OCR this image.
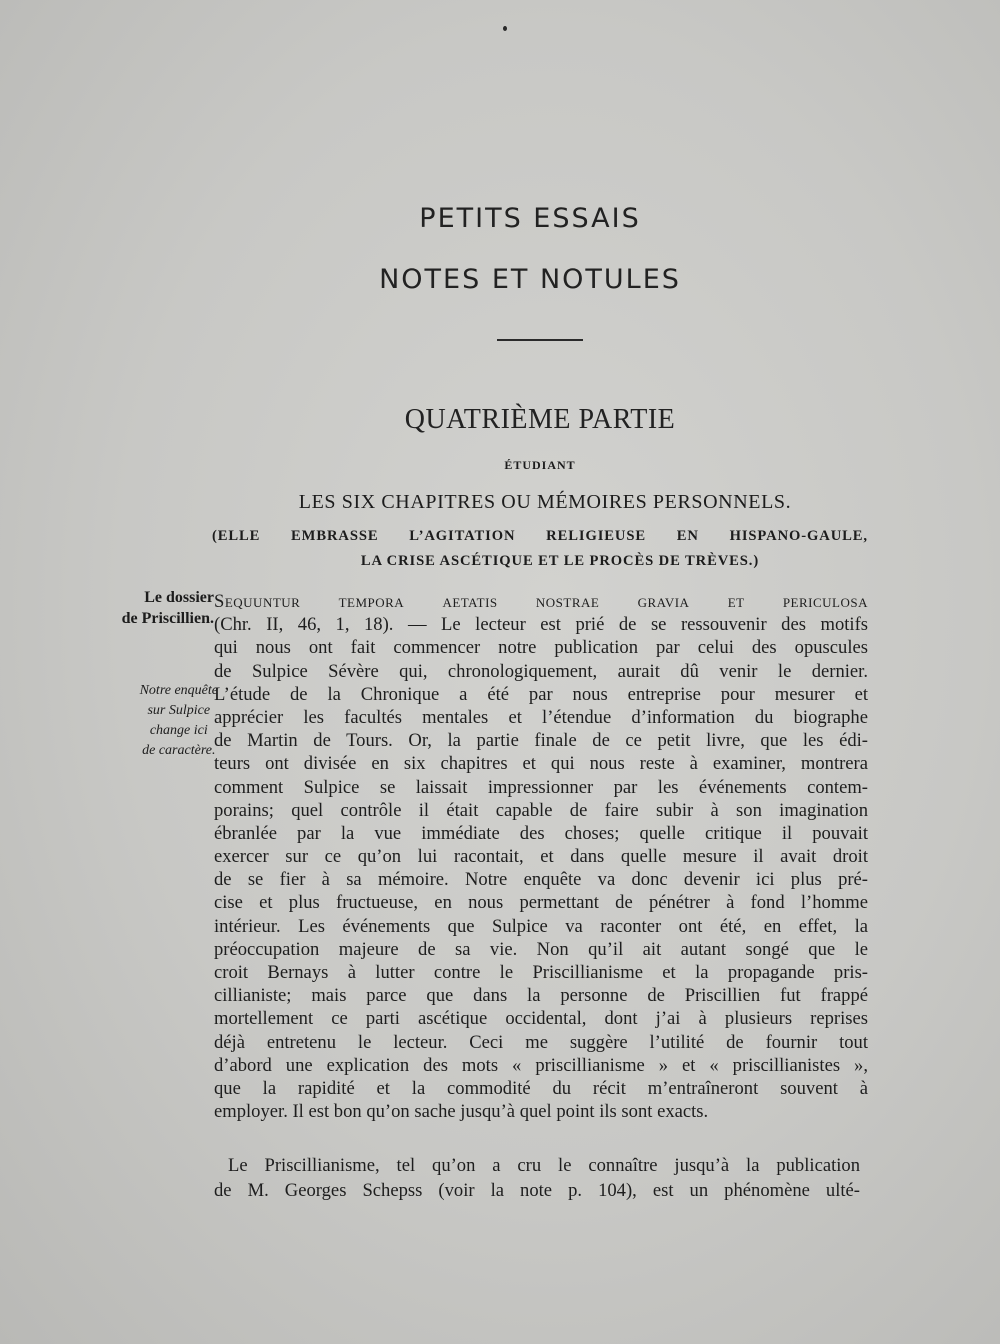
PETITS ESSAIS
NOTES ET NOTULES
QUATRIÈME PARTIE
ÉTUDIANT
LES SIX CHAPITRES OU MÉMOIRES PERSONNELS.
(ELLE EMBRASSE L’AGITATION RELIGIEUSE EN HISPANO-GAULE,
LA CRISE ASCÉTIQUE ET LE PROCÈS DE TRÈVES.)
Le dossier
de Priscillien.
Notre enquête
sur Sulpice
change ici
de caractère.
Sequuntur tempora aetatis nostrae gravia et periculosa
(Chr. II, 46, 1, 18). — Le lecteur est prié de se ressouvenir des motifs
qui nous ont fait commencer notre publication par celui des opuscules
de Sulpice Sévère qui, chronologiquement, aurait dû venir le dernier.
L’étude de la Chronique a été par nous entreprise pour mesurer et
apprécier les facultés mentales et l’étendue d’information du biographe
de Martin de Tours. Or, la partie finale de ce petit livre, que les édi-
teurs ont divisée en six chapitres et qui nous reste à examiner, montrera
comment Sulpice se laissait impressionner par les événements contem-
porains; quel contrôle il était capable de faire subir à son imagination
ébranlée par la vue immédiate des choses; quelle critique il pouvait
exercer sur ce qu’on lui racontait, et dans quelle mesure il avait droit
de se fier à sa mémoire. Notre enquête va donc devenir ici plus pré-
cise et plus fructueuse, en nous permettant de pénétrer à fond l’homme
intérieur. Les événements que Sulpice va raconter ont été, en effet, la
préoccupation majeure de sa vie. Non qu’il ait autant songé que le
croit Bernays à lutter contre le Priscillianisme et la propagande pris-
cillianiste; mais parce que dans la personne de Priscillien fut frappé
mortellement ce parti ascétique occidental, dont j’ai à plusieurs reprises
déjà entretenu le lecteur. Ceci me suggère l’utilité de fournir tout
d’abord une explication des mots « priscillianisme » et « priscillianistes »,
que la rapidité et la commodité du récit m’entraîneront souvent à
employer. Il est bon qu’on sache jusqu’à quel point ils sont exacts.
Le Priscillianisme, tel qu’on a cru le connaître jusqu’à la publication
de M. Georges Schepss (voir la note p. 104), est un phénomène ulté-
